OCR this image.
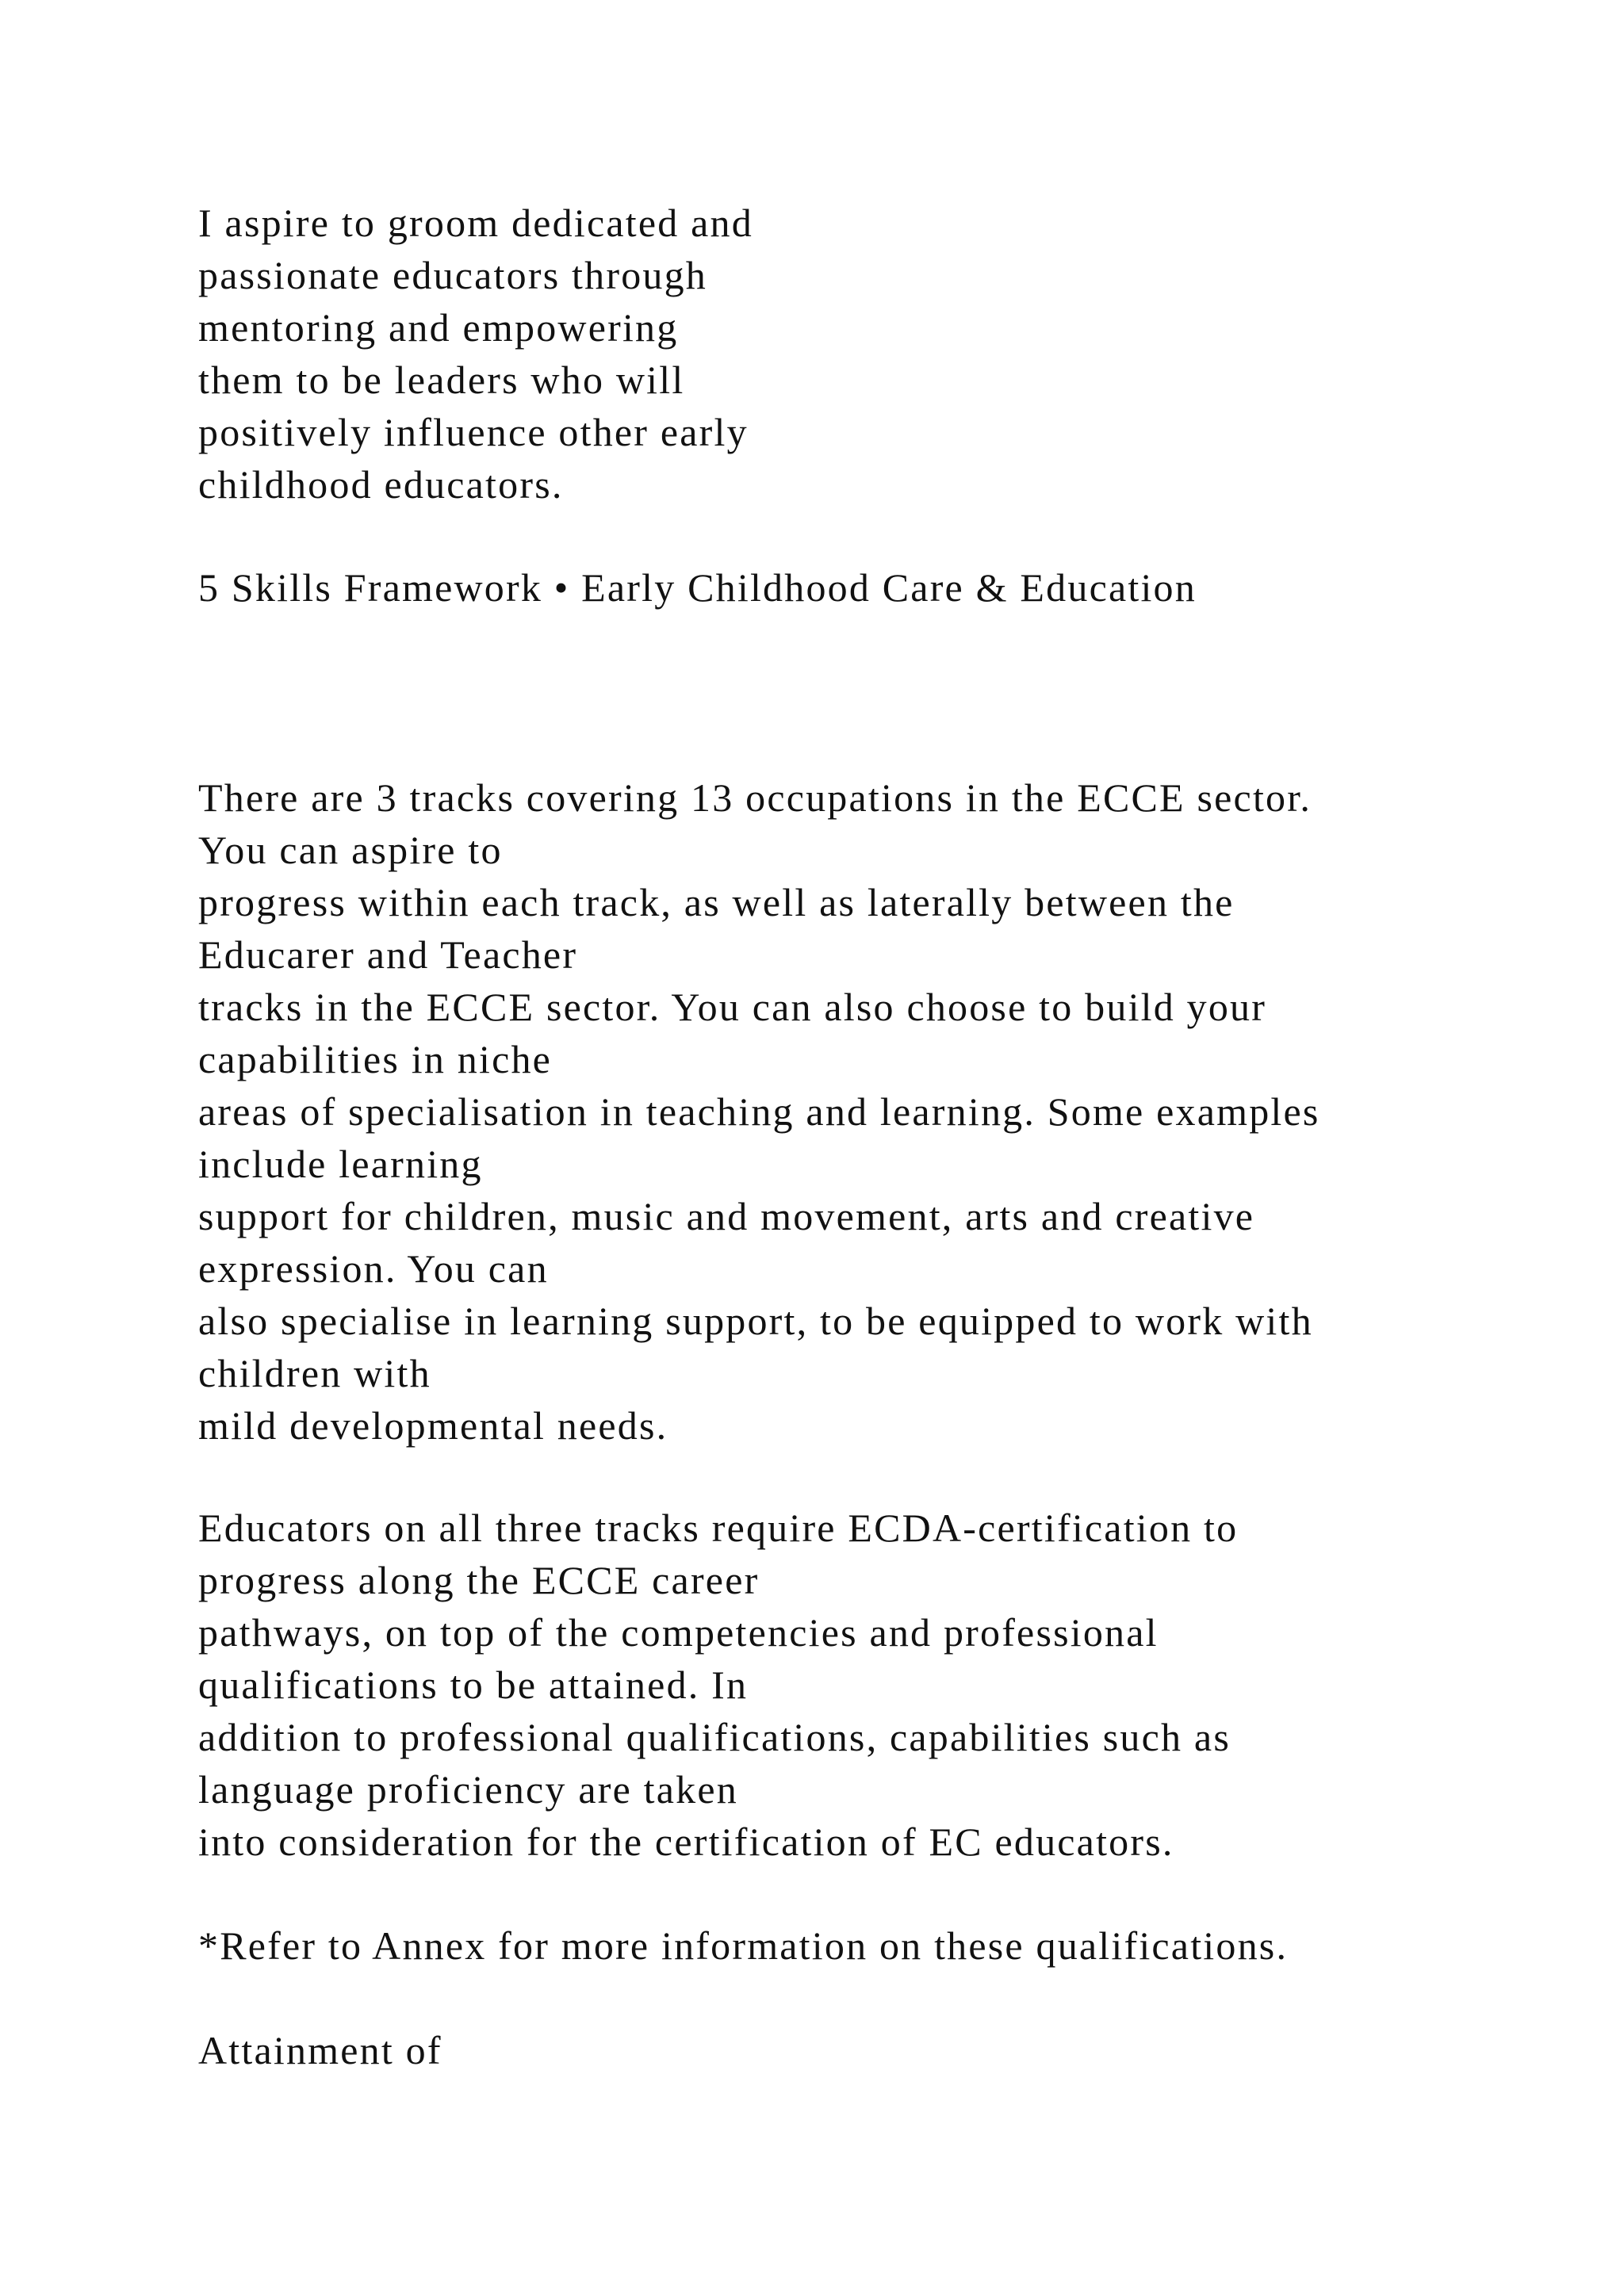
I aspire to groom dedicated and
passionate educators through
mentoring and empowering
them to be leaders who will
positively influence other early
childhood educators.
5 Skills Framework • Early Childhood Care & Education
There are 3 tracks covering 13 occupations in the ECCE sector.
You can aspire to
progress within each track, as well as laterally between the
Educarer and Teacher
tracks in the ECCE sector. You can also choose to build your
capabilities in niche
areas of specialisation in teaching and learning. Some examples
include learning
support for children, music and movement, arts and creative
expression. You can
also specialise in learning support, to be equipped to work with
children with
mild developmental needs.
Educators on all three tracks require ECDA-certification to
progress along the ECCE career
pathways, on top of the competencies and professional
qualifications to be attained. In
addition to professional qualifications, capabilities such as
language proficiency are taken
into consideration for the certification of EC educators.
*Refer to Annex for more information on these qualifications.
Attainment of
